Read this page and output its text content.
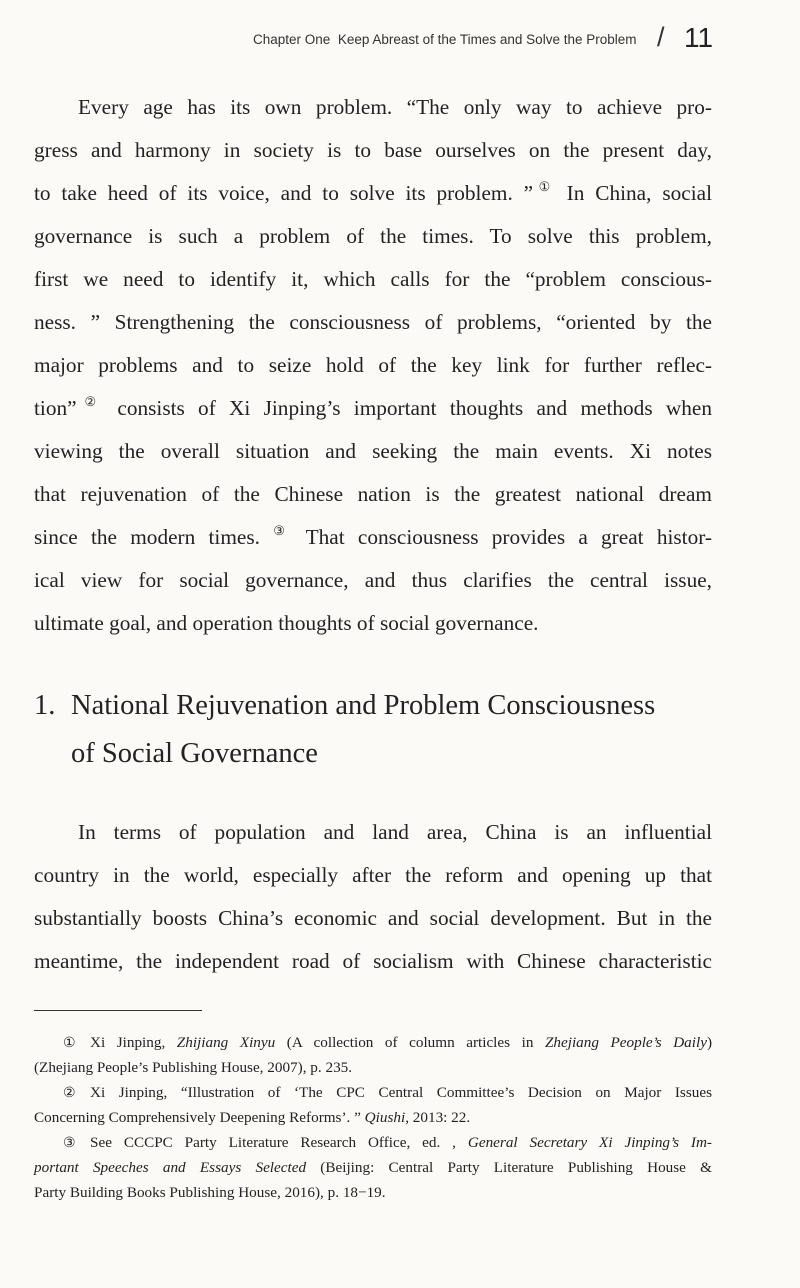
Chapter One Keep Abreast of the Times and Solve the Problem / 11
Every age has its own problem. “The only way to achieve pro-
gress and harmony in society is to base ourselves on the present day,
to take heed of its voice, and to solve its problem. ”① In China, social
governance is such a problem of the times. To solve this problem,
first we need to identify it, which calls for the “problem conscious-
ness. ” Strengthening the consciousness of problems, “oriented by the
major problems and to seize hold of the key link for further reflec-
tion”② consists of Xi Jinping’s important thoughts and methods when
viewing the overall situation and seeking the main events. Xi notes
that rejuvenation of the Chinese nation is the greatest national dream
since the modern times. ③ That consciousness provides a great histor-
ical view for social governance, and thus clarifies the central issue,
ultimate goal, and operation thoughts of social governance.
1. National Rejuvenation and Problem Consciousness
of Social Governance
In terms of population and land area, China is an influential
country in the world, especially after the reform and opening up that
substantially boosts China’s economic and social development. But in the
meantime, the independent road of socialism with Chinese characteristic
① Xi Jinping, Zhijiang Xinyu (A collection of column articles in Zhejiang People’s Daily)
(Zhejiang People’s Publishing House, 2007), p. 235.
② Xi Jinping, “Illustration of ‘The CPC Central Committee’s Decision on Major Issues
Concerning Comprehensively Deepening Reforms’. ” Qiushi, 2013: 22.
③ See CCCPC Party Literature Research Office, ed. , General Secretary Xi Jinping’s Im-
portant Speeches and Essays Selected (Beijing: Central Party Literature Publishing House &
Party Building Books Publishing House, 2016), p. 18−19.
